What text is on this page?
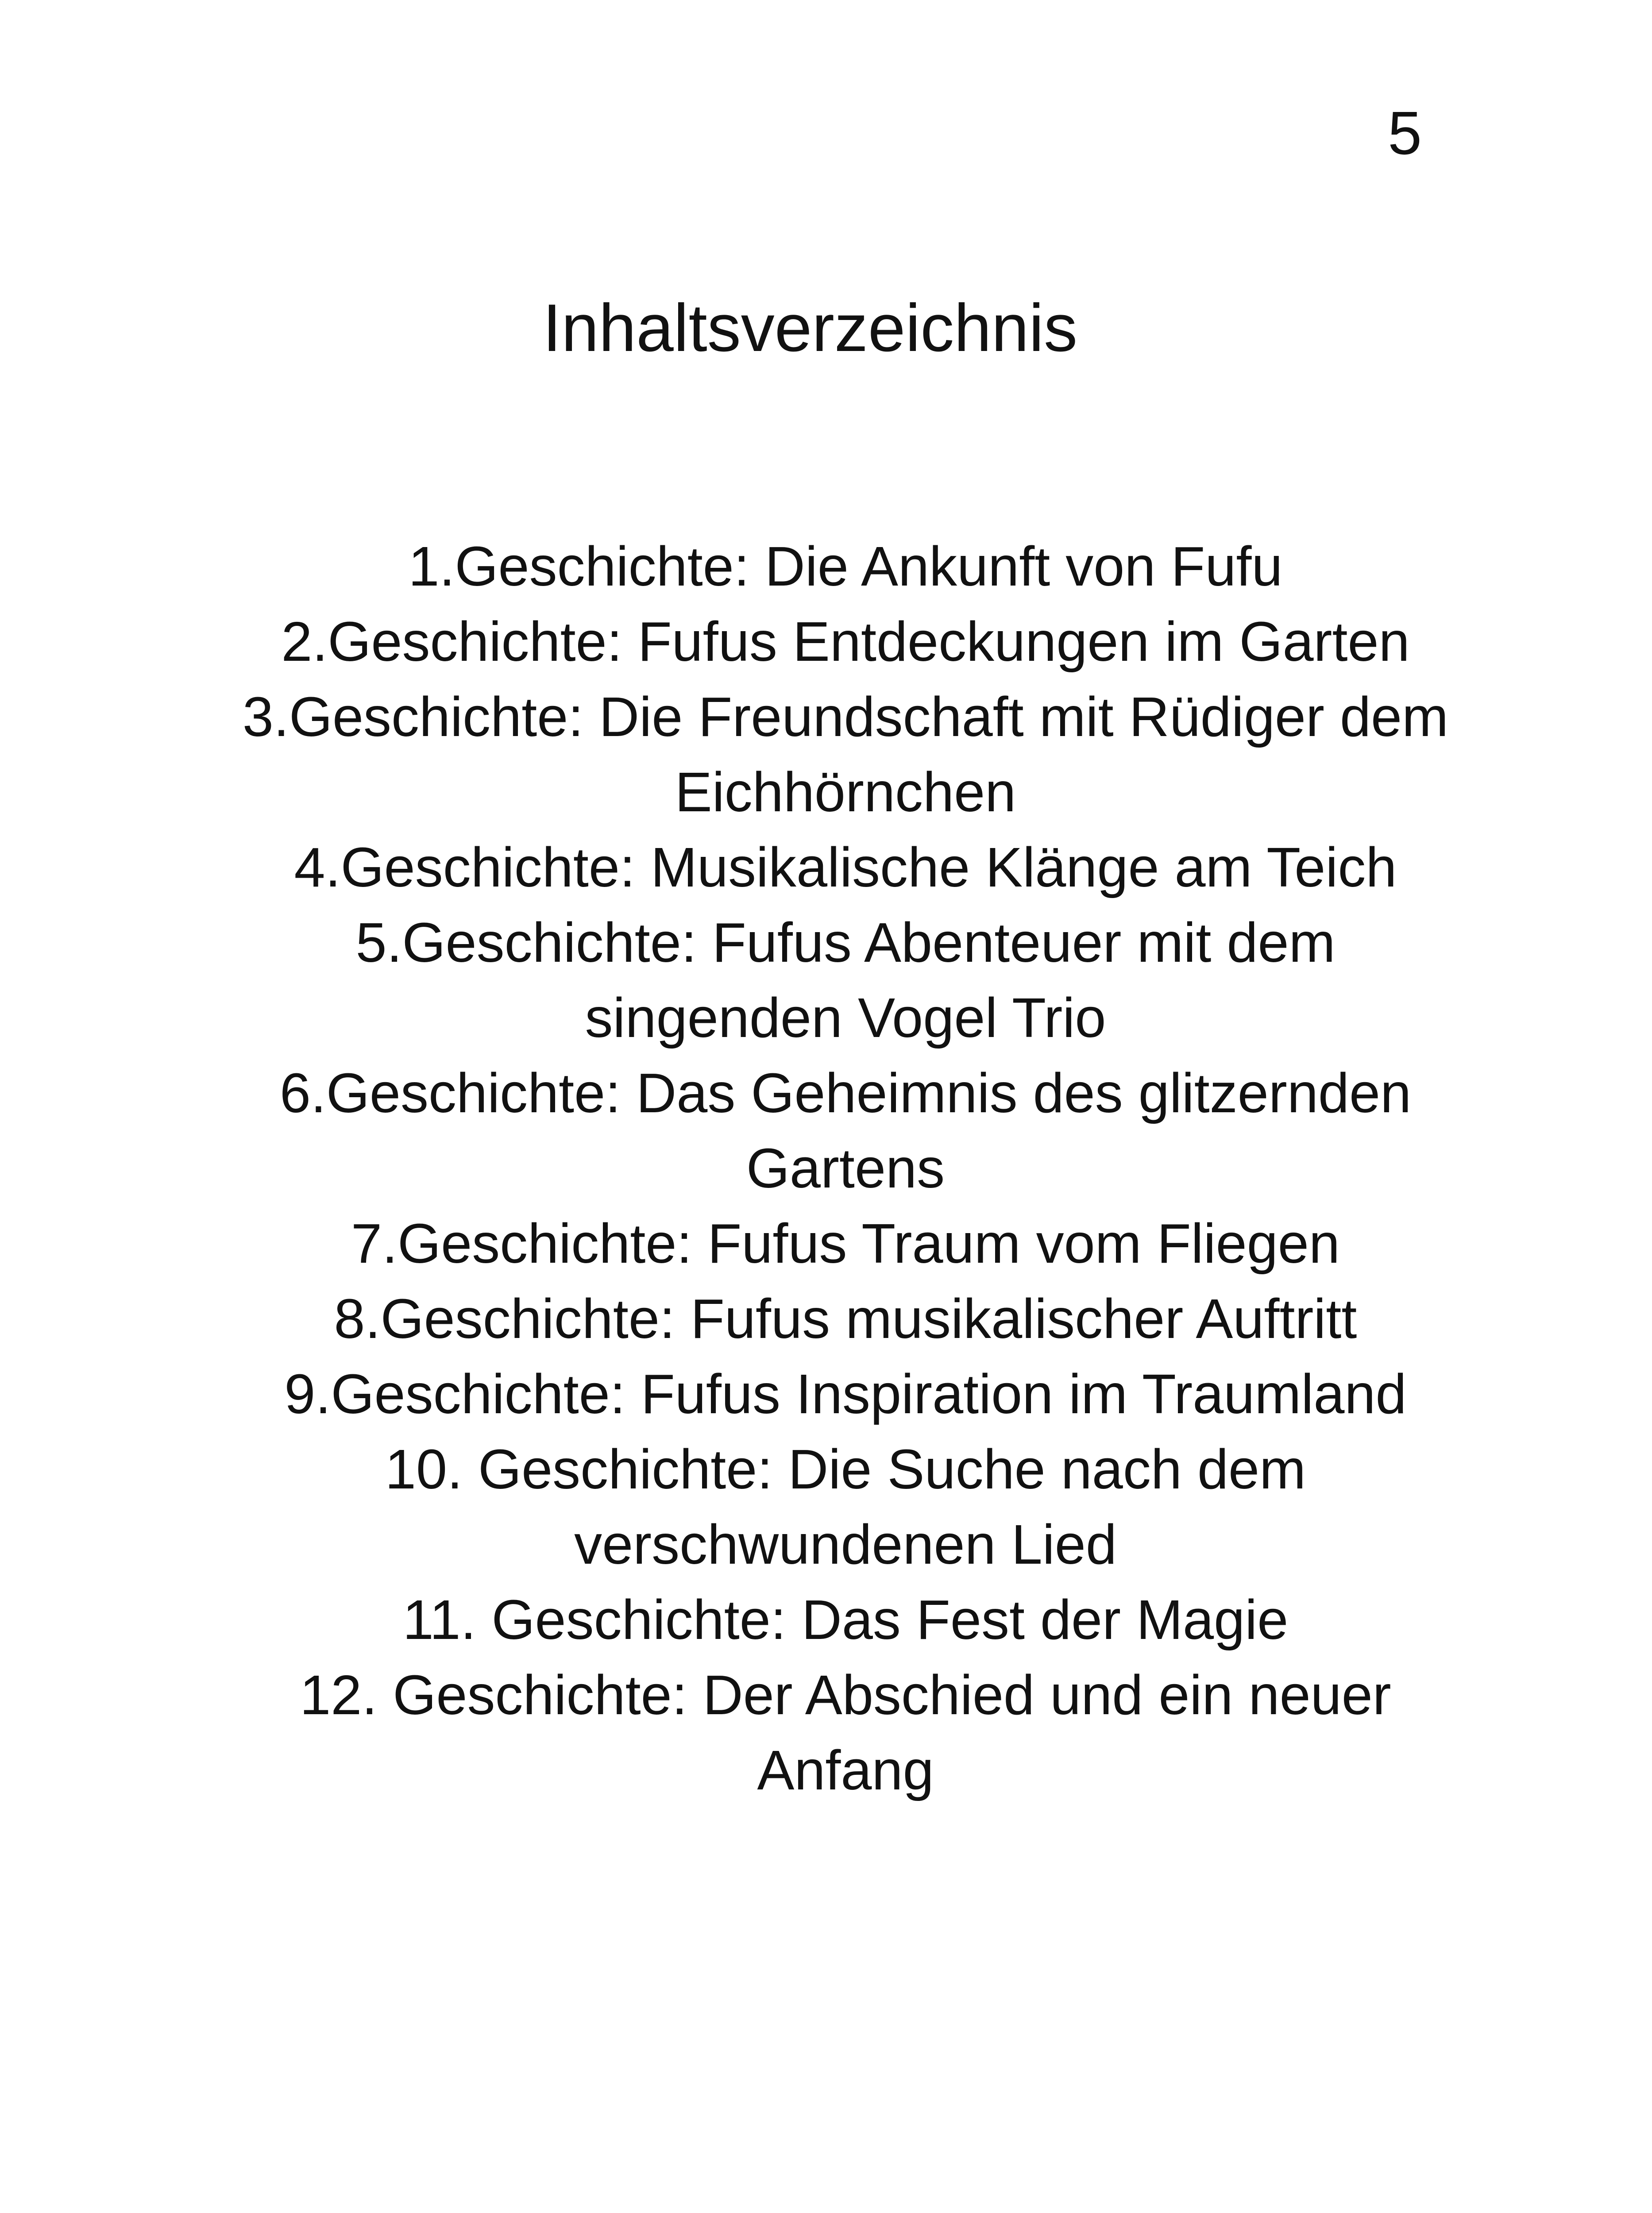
5
Inhaltsverzeichnis
1.Geschichte: Die Ankunft von Fufu
2.Geschichte: Fufus Entdeckungen im Garten
3.Geschichte: Die Freundschaft mit Rüdiger dem Eichhörnchen
4.Geschichte: Musikalische Klänge am Teich
5.Geschichte: Fufus Abenteuer mit dem singenden Vogel Trio
6.Geschichte: Das Geheimnis des glitzernden Gartens
7.Geschichte: Fufus Traum vom Fliegen
8.Geschichte: Fufus musikalischer Auftritt
9.Geschichte: Fufus Inspiration im Traumland
10. Geschichte: Die Suche nach dem verschwundenen Lied
11. Geschichte: Das Fest der Magie
12. Geschichte: Der Abschied und ein neuer Anfang
